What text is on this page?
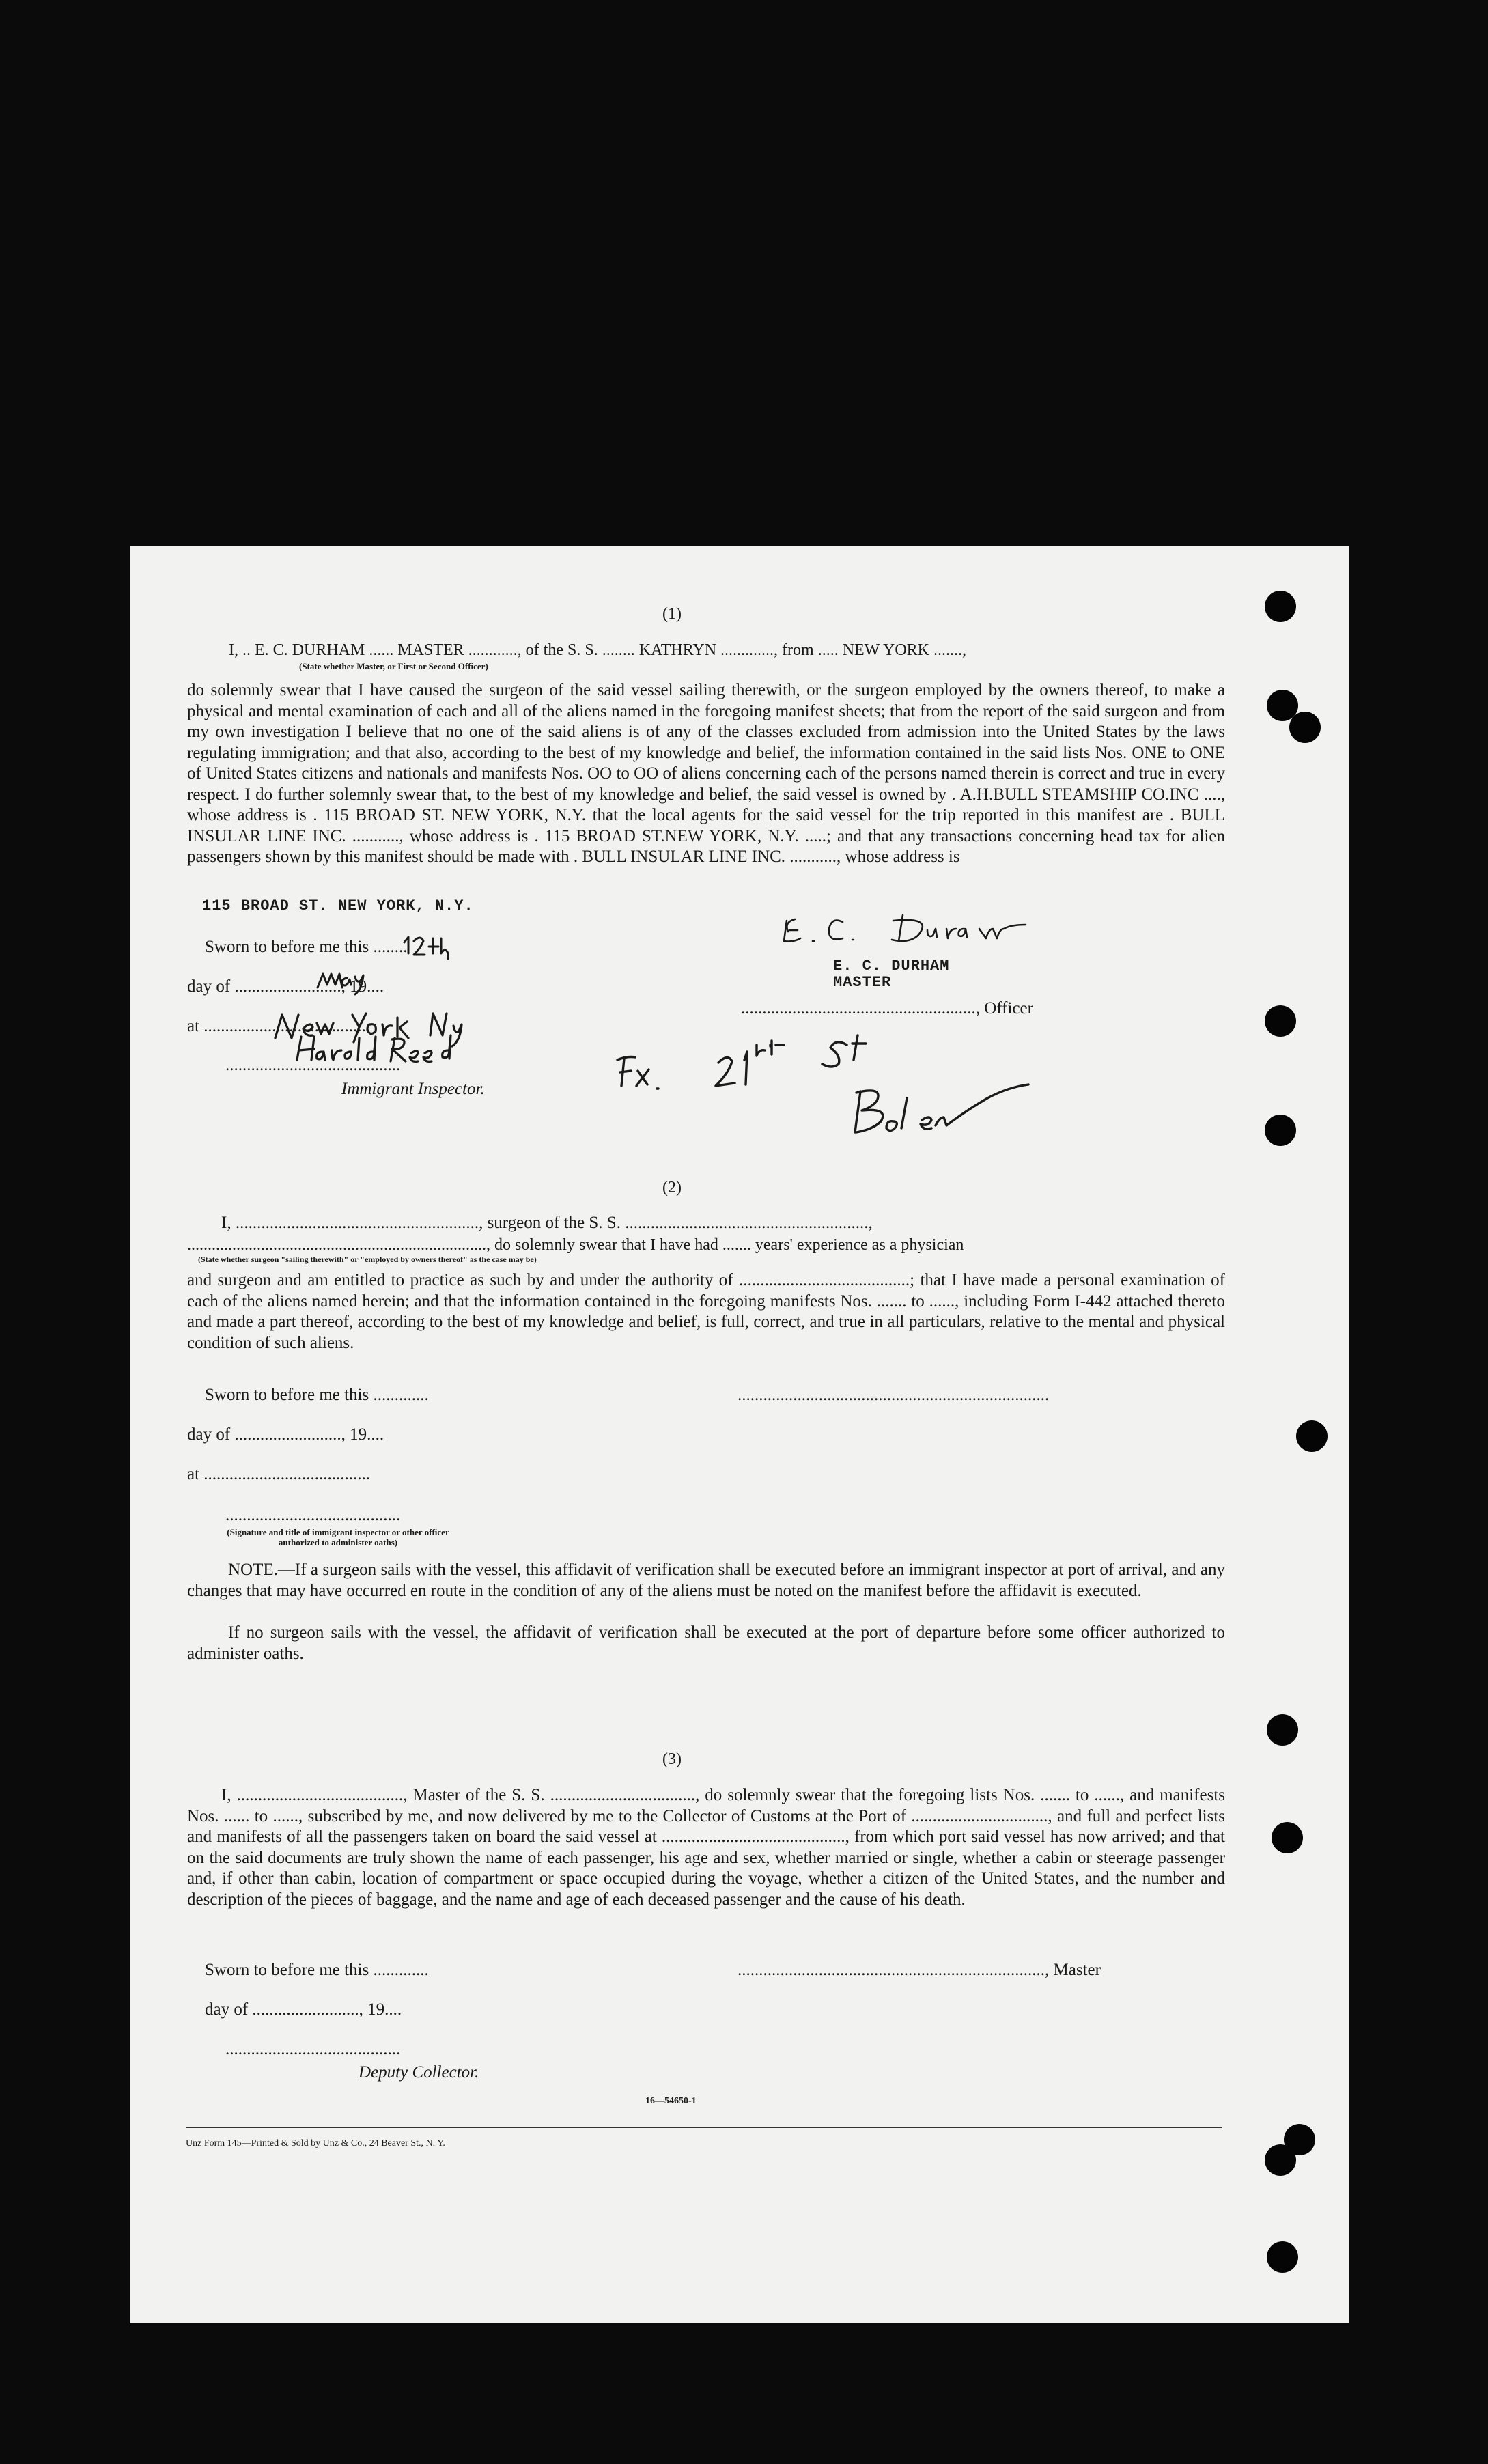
(1)
I, .. E. C. DURHAM ...... MASTER ............, of the S. S. ........ KATHRYN ............., from ..... NEW YORK .......,
(State whether Master, or First or Second Officer)
do solemnly swear that I have caused the surgeon of the said vessel sailing therewith, or the surgeon employed by the owners thereof, to make a physical and mental examination of each and all of the aliens named in the foregoing manifest sheets; that from the report of the said surgeon and from my own investigation I believe that no one of the said aliens is of any of the classes excluded from admission into the United States by the laws regulating immigration; and that also, according to the best of my knowledge and belief, the information contained in the said lists Nos. ONE to ONE of United States citizens and nationals and manifests Nos. OO to OO of aliens concerning each of the persons named therein is correct and true in every respect. I do further solemnly swear that, to the best of my knowledge and belief, the said vessel is owned by . A.H.BULL STEAMSHIP CO.INC ...., whose address is . 115 BROAD ST. NEW YORK, N.Y. that the local agents for the said vessel for the trip reported in this manifest are . BULL INSULAR LINE INC. ..........., whose address is . 115 BROAD ST.NEW YORK, N.Y. .....; and that any transactions concerning head tax for alien passengers shown by this manifest should be made with . BULL INSULAR LINE INC. ..........., whose address is
115 BROAD ST. NEW YORK, N.Y.
Sworn to before me this ........
day of ........................., 19....
at .......................................
.........................................
Immigrant Inspector.
E. C. DURHAM
MASTER
......................................................., Officer
(2)
I, ........................................................., surgeon of the S. S. .........................................................,
........................................................................., do solemnly swear that I have had ....... years' experience as a physician
(State whether surgeon "sailing therewith" or "employed by owners thereof" as the case may be)
and surgeon and am entitled to practice as such by and under the authority of ........................................; that I have made a personal examination of each of the aliens named herein; and that the information contained in the foregoing manifests Nos. ....... to ......, including Form I-442 attached thereto and made a part thereof, according to the best of my knowledge and belief, is full, correct, and true in all particulars, relative to the mental and physical condition of such aliens.
Sworn to before me this .............	.........................................................................
day of ........................., 19....
at .......................................
.........................................
(Signature and title of immigrant inspector or other officer authorized to administer oaths)
NOTE.—If a surgeon sails with the vessel, this affidavit of verification shall be executed before an immigrant inspector at port of arrival, and any changes that may have occurred en route in the condition of any of the aliens must be noted on the manifest before the affidavit is executed.
If no surgeon sails with the vessel, the affidavit of verification shall be executed at the port of departure before some officer authorized to administer oaths.
(3)
I, ......................................., Master of the S. S. .................................., do solemnly swear that the foregoing lists Nos. ....... to ......, and manifests Nos. ...... to ......, subscribed by me, and now delivered by me to the Collector of Customs at the Port of ................................, and full and perfect lists and manifests of all the passengers taken on board the said vessel at ..........................................., from which port said vessel has now arrived; and that on the said documents are truly shown the name of each passenger, his age and sex, whether married or single, whether a cabin or steerage passenger and, if other than cabin, location of compartment or space occupied during the voyage, whether a citizen of the United States, and the number and description of the pieces of baggage, and the name and age of each deceased passenger and the cause of his death.
Sworn to before me this .............	........................................................................, Master
day of ........................., 19....
.........................................
Deputy Collector.
16—54650-1
Unz Form 145—Printed & Sold by Unz & Co., 24 Beaver St., N. Y.
